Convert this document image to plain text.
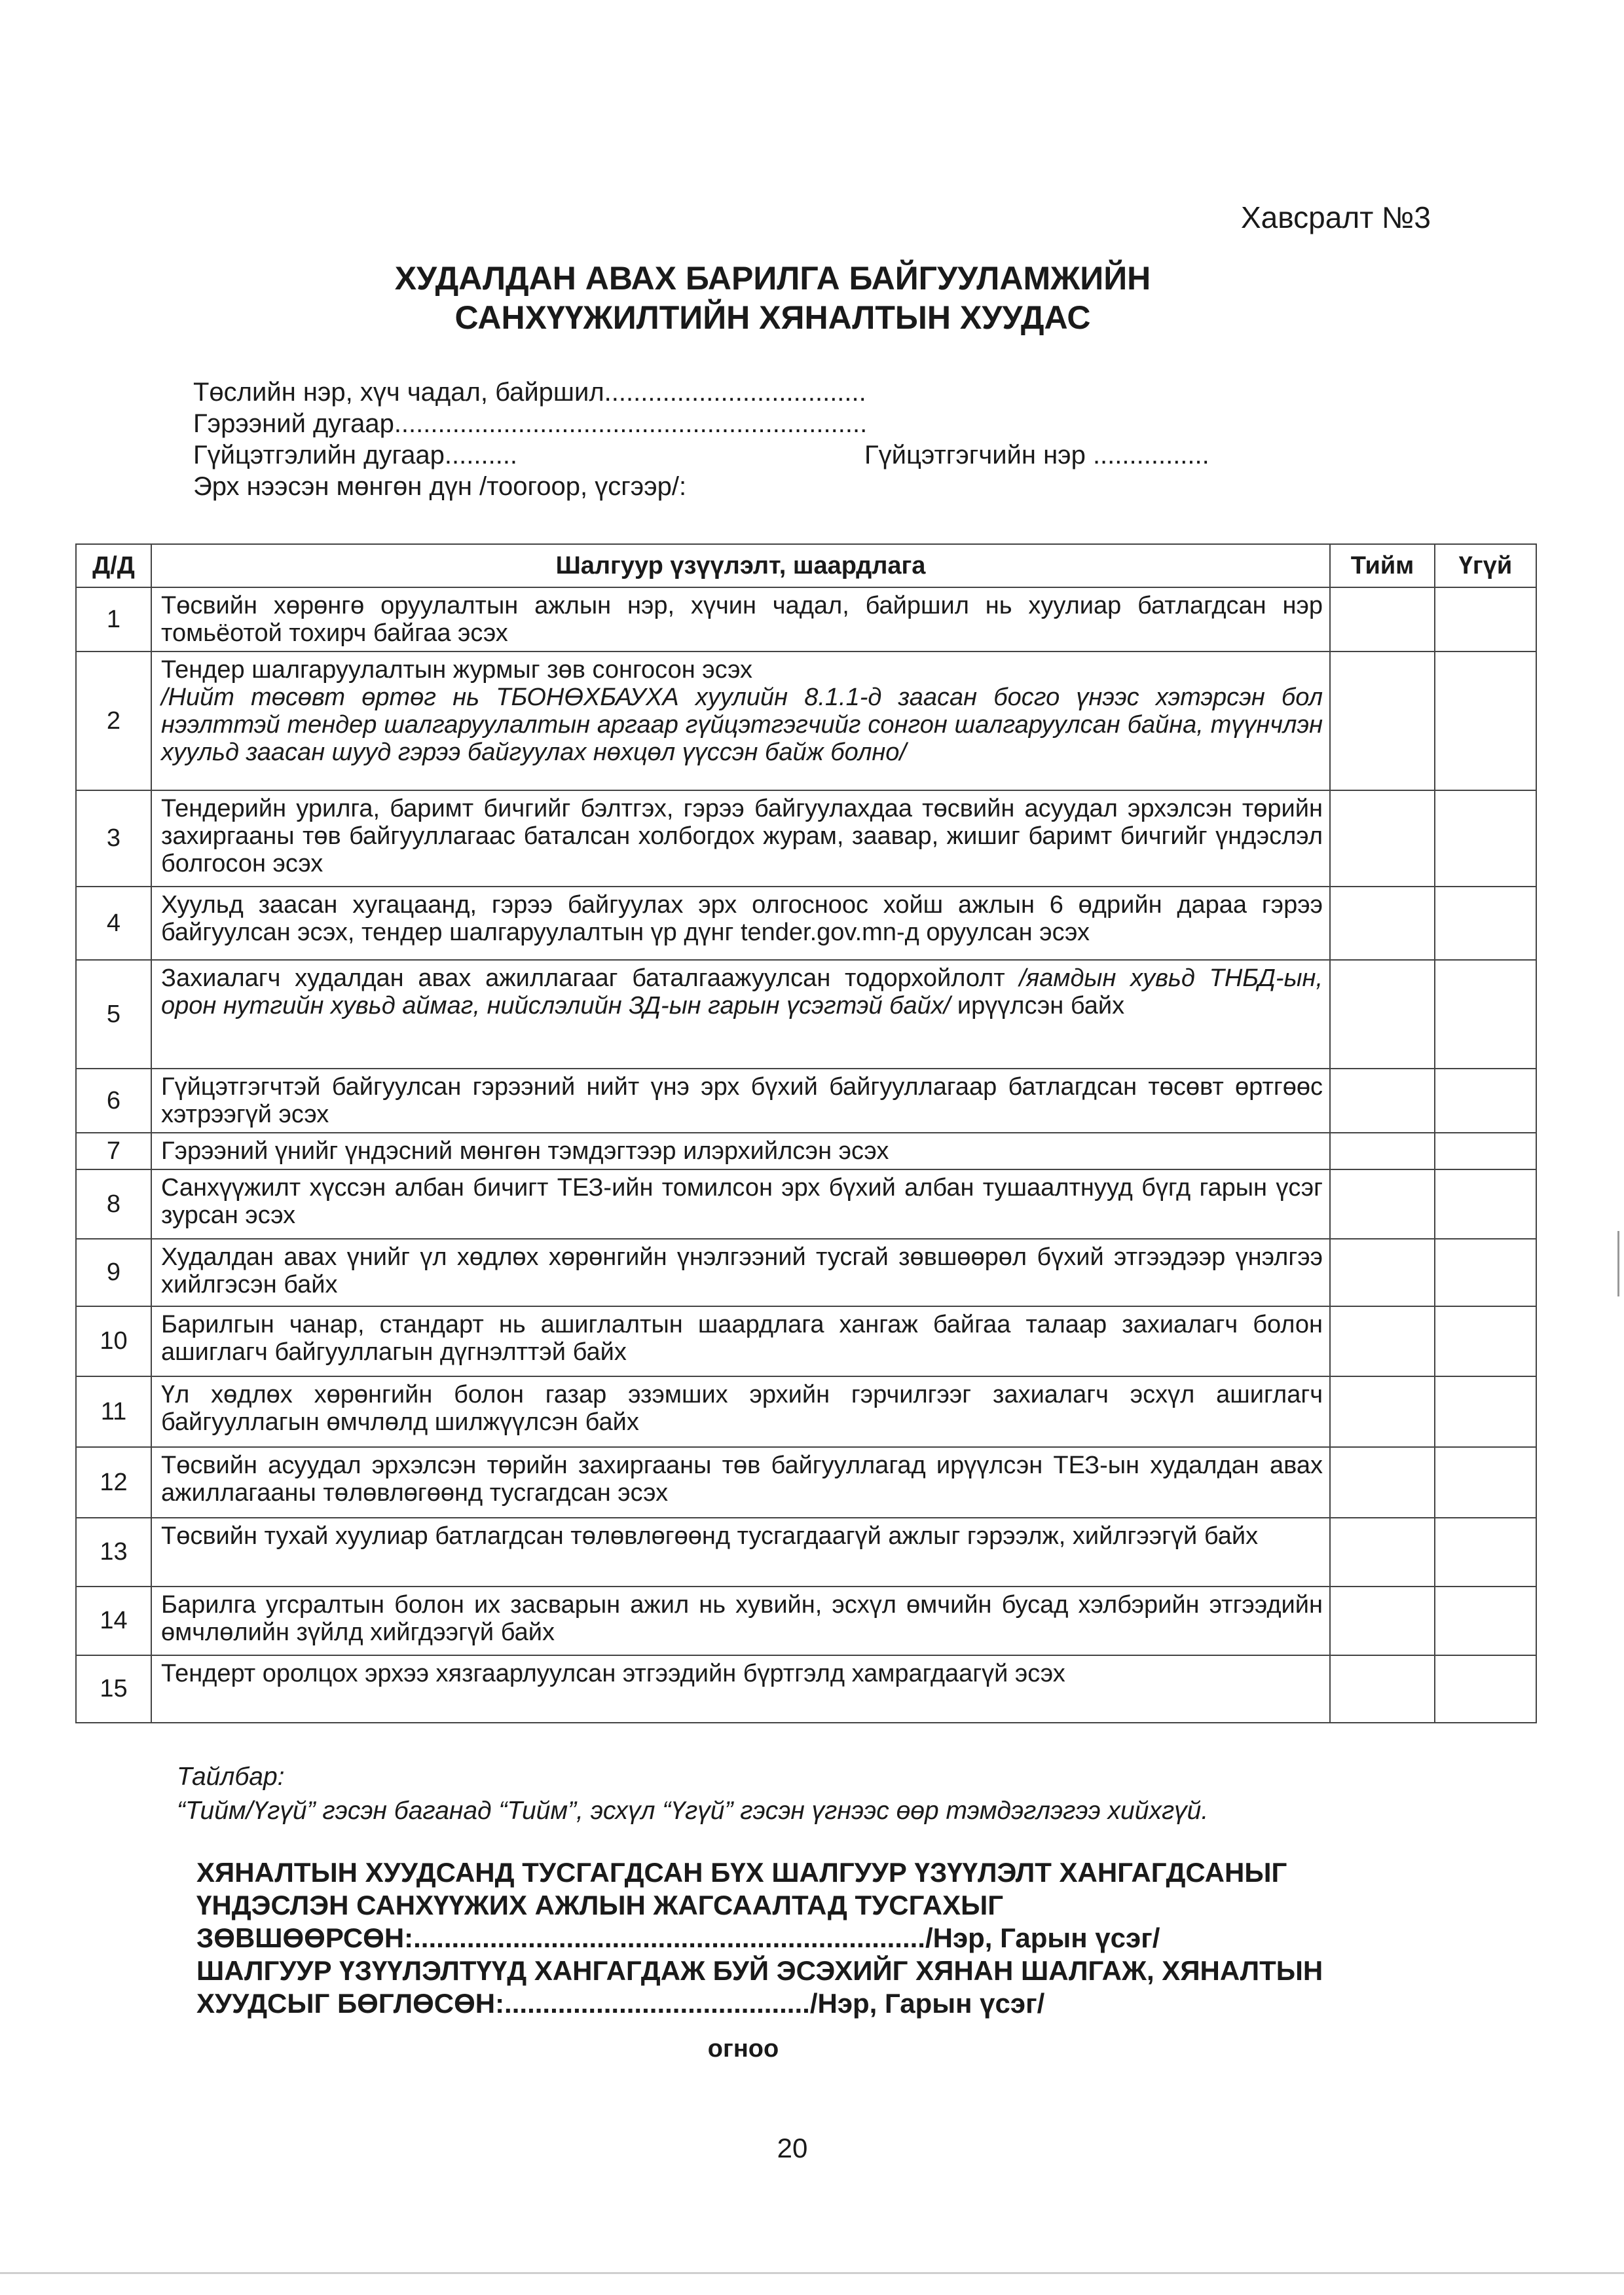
Хавсралт №3
ХУДАЛДАН АВАХ БАРИЛГА БАЙГУУЛАМЖИЙН
САНХҮҮЖИЛТИЙН ХЯНАЛТЫН ХУУДАС
Төслийн нэр, хүч чадал, байршил....................................
Гэрээний дугаар.................................................................
Гүйцэтгэлийн дугаар..........	Гүйцэтгэгчийн нэр ................
Эрх нээсэн мөнгөн дүн /тоогоор, үсгээр/:
Д/Д	Шалгуур үзүүлэлт, шаардлага	Тийм	Үгүй
1	Төсвийн хөрөнгө оруулалтын ажлын нэр, хүчин чадал, байршил нь хуулиар батлагдсан нэр томьёотой тохирч байгаа эсэх		
2	Тендер шалгаруулалтын журмыг зөв сонгосон эсэх
/Нийт төсөвт өртөг нь ТБОНӨХБАУХА хуулийн 8.1.1-д заасан босго үнээс хэтэрсэн бол нээлттэй тендер шалгаруулалтын аргаар гүйцэтгэгчийг сонгон шалгаруулсан байна, түүнчлэн хуульд заасан шууд гэрээ байгуулах нөхцөл үүссэн байж болно/		
3	Тендерийн урилга, баримт бичгийг бэлтгэх, гэрээ байгуулахдаа төсвийн асуудал эрхэлсэн төрийн захиргааны төв байгууллагаас баталсан холбогдох журам, заавар, жишиг баримт бичгийг үндэслэл болгосон эсэх		
4	Хуульд заасан хугацаанд, гэрээ байгуулах эрх олгосноос хойш ажлын 6 өдрийн дараа гэрээ байгуулсан эсэх, тендер шалгаруулалтын үр дүнг tender.gov.mn-д оруулсан эсэх		
5	Захиалагч худалдан авах ажиллагааг баталгаажуулсан тодорхойлолт /яамдын хувьд ТНБД-ын, орон нутгийн хувьд аймаг, нийслэлийн ЗД-ын гарын үсэгтэй байх/ ирүүлсэн байх		
6	Гүйцэтгэгчтэй байгуулсан гэрээний нийт үнэ эрх бүхий байгууллагаар батлагдсан төсөвт өртгөөс хэтрээгүй эсэх		
7	Гэрээний үнийг үндэсний мөнгөн тэмдэгтээр илэрхийлсэн эсэх		
8	Санхүүжилт хүссэн албан бичигт ТЕЗ-ийн томилсон эрх бүхий албан тушаалтнууд бүгд гарын үсэг зурсан эсэх		
9	Худалдан авах үнийг үл хөдлөх хөрөнгийн үнэлгээний тусгай зөвшөөрөл бүхий этгээдээр үнэлгээ хийлгэсэн байх		
10	Барилгын чанар, стандарт нь ашиглалтын шаардлага хангаж байгаа талаар захиалагч болон ашиглагч байгууллагын дүгнэлттэй байх		
11	Үл хөдлөх хөрөнгийн болон газар эзэмших эрхийн гэрчилгээг захиалагч эсхүл ашиглагч байгууллагын өмчлөлд шилжүүлсэн байх		
12	Төсвийн асуудал эрхэлсэн төрийн захиргааны төв байгууллагад ирүүлсэн ТЕЗ-ын худалдан авах ажиллагааны төлөвлөгөөнд тусгагдсан эсэх		
13	Төсвийн тухай хуулиар батлагдсан төлөвлөгөөнд тусгагдаагүй ажлыг гэрээлж, хийлгээгүй байх		
14	Барилга угсралтын болон их засварын ажил нь хувийн, эсхүл өмчийн бусад хэлбэрийн этгээдийн өмчлөлийн зүйлд хийгдээгүй байх		
15	Тендерт оролцох эрхээ хязгаарлуулсан этгээдийн бүртгэлд хамрагдаагүй эсэх		
Тайлбар:
“Тийм/Үгүй” гэсэн баганад “Тийм”, эсхүл “Үгүй” гэсэн үгнээс өөр тэмдэглэгээ хийхгүй.
ХЯНАЛТЫН ХУУДСАНД ТУСГАГДСАН БҮХ ШАЛГУУР ҮЗҮҮЛЭЛТ ХАНГАГДСАНЫГ
ҮНДЭСЛЭН САНХҮҮЖИХ АЖЛЫН ЖАГСААЛТАД ТУСГАХЫГ
ЗӨВШӨӨРСӨН:.................................................................../Нэр, Гарын үсэг/
ШАЛГУУР ҮЗҮҮЛЭЛТҮҮД ХАНГАГДАЖ БУЙ ЭСЭХИЙГ ХЯНАН ШАЛГАЖ, ХЯНАЛТЫН
ХУУДСЫГ БӨГЛӨСӨН:......................................../Нэр, Гарын үсэг/
огноо
20
